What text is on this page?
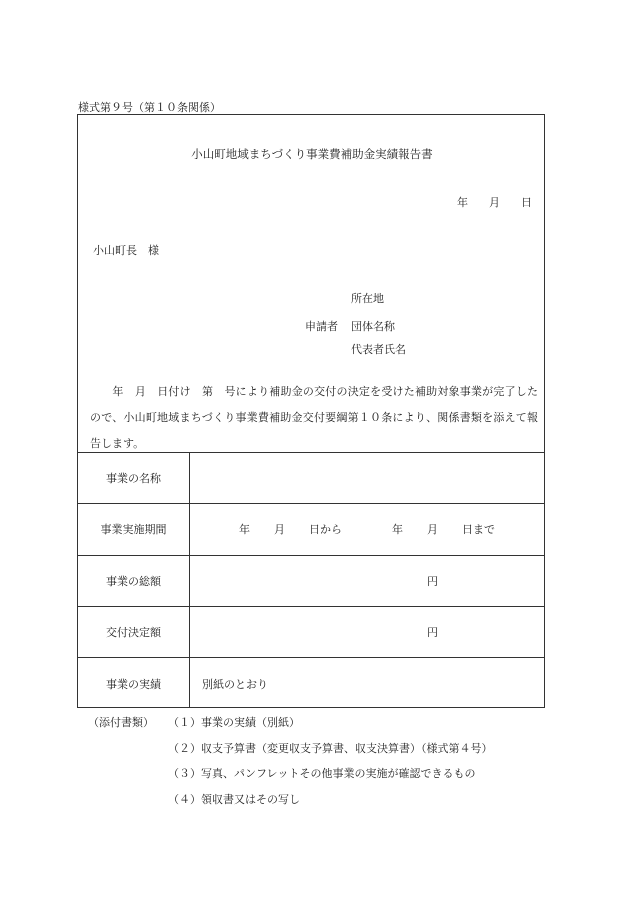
様式第９号（第１０条関係）
小山町地域まちづくり事業費補助金実績報告書
年 月 日
小山町長　様
所在地
申請者 団体名称
代表者氏名
　　年　月　日付け　第　号により補助金の交付の決定を受けた補助対象事業が完了したので、小山町地域まちづくり事業費補助金交付要綱第１０条により、関係書類を添えて報告します。
事業の名称
事業実施期間	年 月 日から	年 月 日まで
事業の総額	円
交付決定額	円
事業の実績	別紙のとおり
（添付書類） （１）事業の実績（別紙）
（２）収支予算書（変更収支予算書、収支決算書）（様式第４号）
（３）写真、パンフレットその他事業の実施が確認できるもの
（４）領収書又はその写し
